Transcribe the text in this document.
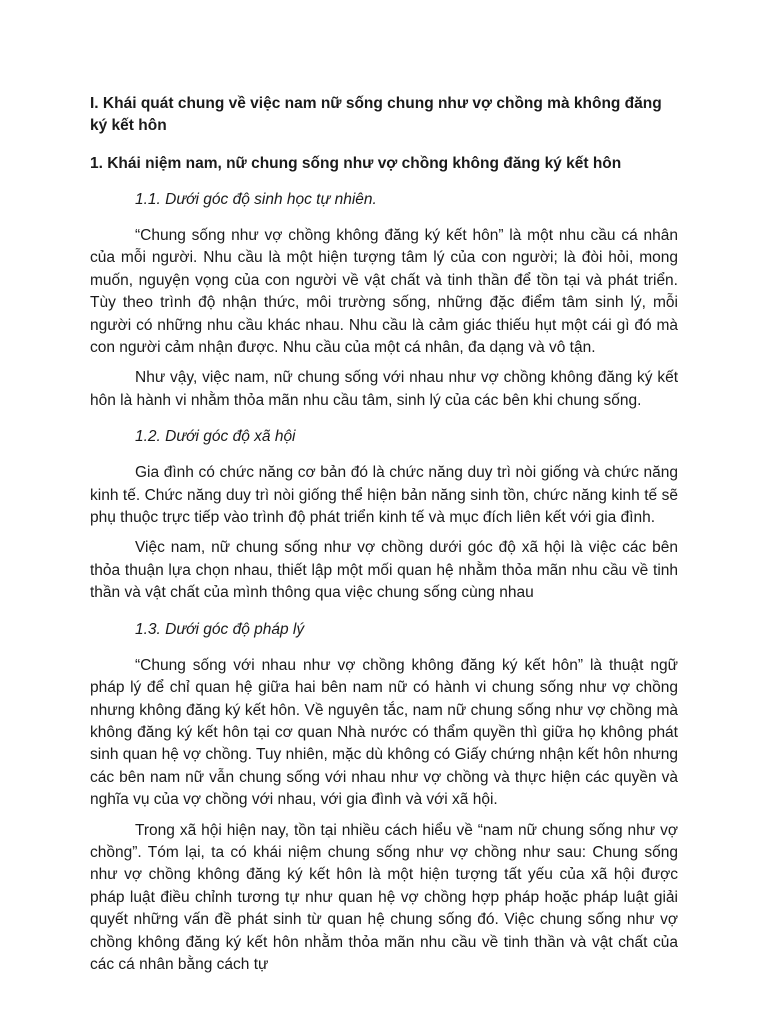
I. Khái quát chung về việc nam nữ sống chung như vợ chồng mà không đăng ký kết hôn

1. Khái niệm nam, nữ chung sống như vợ chồng không đăng ký kết hôn

1.1. Dưới góc độ sinh học tự nhiên.

“Chung sống như vợ chồng không đăng ký kết hôn” là một nhu cầu cá nhân của mỗi người. Nhu cầu là một hiện tượng tâm lý của con người; là đòi hỏi, mong muốn, nguyện vọng của con người về vật chất và tinh thần để tồn tại và phát triển. Tùy theo trình độ nhận thức, môi trường sống, những đặc điểm tâm sinh lý, mỗi người có những nhu cầu khác nhau. Nhu cầu là cảm giác thiếu hụt một cái gì đó mà con người cảm nhận được. Nhu cầu của một cá nhân, đa dạng và vô tận.

Như vậy, việc nam, nữ chung sống với nhau như vợ chồng không đăng ký kết hôn là hành vi nhằm thỏa mãn nhu cầu tâm, sinh lý của các bên khi chung sống.

1.2. Dưới góc độ xã hội

Gia đình có chức năng cơ bản đó là chức năng duy trì nòi giống và chức năng kinh tế. Chức năng duy trì nòi giống thể hiện bản năng sinh tồn, chức năng kinh tế sẽ phụ thuộc trực tiếp vào trình độ phát triển kinh tế và mục đích liên kết với gia đình.

Việc nam, nữ chung sống như vợ chồng dưới góc độ xã hội là việc các bên thỏa thuận lựa chọn nhau, thiết lập một mối quan hệ nhằm thỏa mãn nhu cầu về tinh thần và vật chất của mình thông qua việc chung sống cùng nhau

1.3. Dưới góc độ pháp lý

“Chung sống với nhau như vợ chồng không đăng ký kết hôn” là thuật ngữ pháp lý để chỉ quan hệ giữa hai bên nam nữ có hành vi chung sống như vợ chồng nhưng không đăng ký kết hôn. Về nguyên tắc, nam nữ chung sống như vợ chồng mà không đăng ký kết hôn tại cơ quan Nhà nước có thẩm quyền thì giữa họ không phát sinh quan hệ vợ chồng. Tuy nhiên, mặc dù không có Giấy chứng nhận kết hôn nhưng các bên nam nữ vẫn chung sống với nhau như vợ chồng và thực hiện các quyền và nghĩa vụ của vợ chồng với nhau, với gia đình và với xã hội.

Trong xã hội hiện nay, tồn tại nhiều cách hiểu về “nam nữ chung sống như vợ chồng”. Tóm lại, ta có khái niệm chung sống như vợ chồng như sau: Chung sống như vợ chồng không đăng ký kết hôn là một hiện tượng tất yếu của xã hội được pháp luật điều chỉnh tương tự như quan hệ vợ chồng hợp pháp hoặc pháp luật giải quyết những vấn đề phát sinh từ quan hệ chung sống đó. Việc chung sống như vợ chồng không đăng ký kết hôn nhằm thỏa mãn nhu cầu về tinh thần và vật chất của các cá nhân bằng cách tự
